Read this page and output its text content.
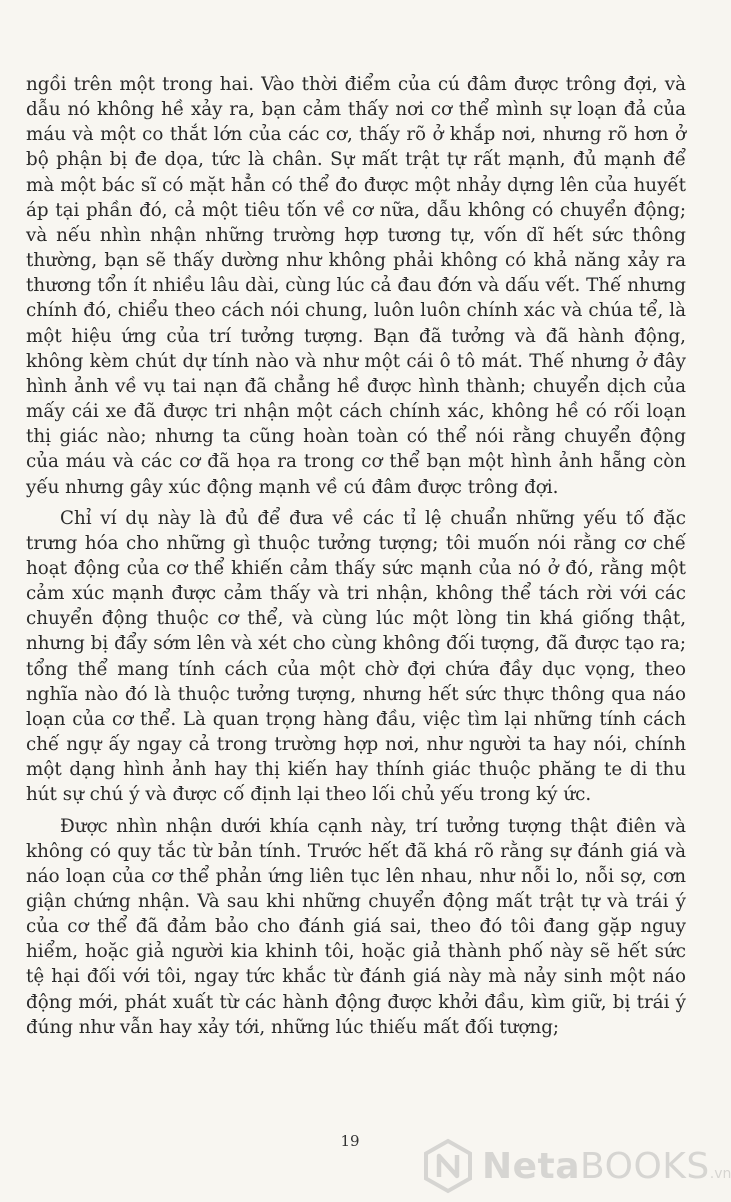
ngồi trên một trong hai. Vào thời điểm của cú đâm được trông đợi, và dẫu nó không hề xảy ra, bạn cảm thấy nơi cơ thể mình sự loạn đả của máu và một co thắt lớn của các cơ, thấy rõ ở khắp nơi, nhưng rõ hơn ở bộ phận bị đe dọa, tức là chân. Sự mất trật tự rất mạnh, đủ mạnh để mà một bác sĩ có mặt hẳn có thể đo được một nhảy dựng lên của huyết áp tại phần đó, cả một tiêu tốn về cơ nữa, dẫu không có chuyển động; và nếu nhìn nhận những trường hợp tương tự, vốn dĩ hết sức thông thường, bạn sẽ thấy dường như không phải không có khả năng xảy ra thương tổn ít nhiều lâu dài, cùng lúc cả đau đớn và dấu vết. Thế nhưng chính đó, chiểu theo cách nói chung, luôn luôn chính xác và chúa tể, là một hiệu ứng của trí tưởng tượng. Bạn đã tưởng và đã hành động, không kèm chút dự tính nào và như một cái ô tô mát. Thế nhưng ở đây hình ảnh về vụ tai nạn đã chẳng hề được hình thành; chuyển dịch của mấy cái xe đã được tri nhận một cách chính xác, không hề có rối loạn thị giác nào; nhưng ta cũng hoàn toàn có thể nói rằng chuyển động của máu và các cơ đã họa ra trong cơ thể bạn một hình ảnh hẵng còn yếu nhưng gây xúc động mạnh về cú đâm được trông đợi.

Chỉ ví dụ này là đủ để đưa về các tỉ lệ chuẩn những yếu tố đặc trưng hóa cho những gì thuộc tưởng tượng; tôi muốn nói rằng cơ chế hoạt động của cơ thể khiến cảm thấy sức mạnh của nó ở đó, rằng một cảm xúc mạnh được cảm thấy và tri nhận, không thể tách rời với các chuyển động thuộc cơ thể, và cùng lúc một lòng tin khá giống thật, nhưng bị đẩy sớm lên và xét cho cùng không đối tượng, đã được tạo ra; tổng thể mang tính cách của một chờ đợi chứa đầy dục vọng, theo nghĩa nào đó là thuộc tưởng tượng, nhưng hết sức thực thông qua náo loạn của cơ thể. Là quan trọng hàng đầu, việc tìm lại những tính cách chế ngự ấy ngay cả trong trường hợp nơi, như người ta hay nói, chính một dạng hình ảnh hay thị kiến hay thính giác thuộc phăng te di thu hút sự chú ý và được cố định lại theo lối chủ yếu trong ký ức.

Được nhìn nhận dưới khía cạnh này, trí tưởng tượng thật điên và không có quy tắc từ bản tính. Trước hết đã khá rõ rằng sự đánh giá và náo loạn của cơ thể phản ứng liên tục lên nhau, như nỗi lo, nỗi sợ, cơn giận chứng nhận. Và sau khi những chuyển động mất trật tự và trái ý của cơ thể đã đảm bảo cho đánh giá sai, theo đó tôi đang gặp nguy hiểm, hoặc giả người kia khinh tôi, hoặc giả thành phố này sẽ hết sức tệ hại đối với tôi, ngay tức khắc từ đánh giá này mà nảy sinh một náo động mới, phát xuất từ các hành động được khởi đầu, kìm giữ, bị trái ý đúng như vẫn hay xảy tới, những lúc thiếu mất đối tượng;

19
NetaBOOKS.vn
